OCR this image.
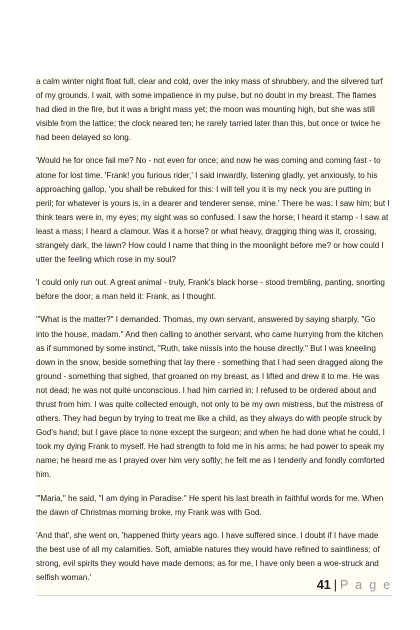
a calm winter night float full, clear and cold, over the inky mass of shrubbery, and the silvered turf of my grounds. I wait, with some impatience in my pulse, but no doubt in my breast. The flames had died in the fire, but it was a bright mass yet; the moon was mounting high, but she was still visible from the lattice; the clock neared ten; he rarely tarried later than this, but once or twice he had been delayed so long.

'Would he for once fail me? No - not even for once; and now he was coming and coming fast - to atone for lost time. 'Frank! you furious rider,' I said inwardly, listening gladly, yet anxiously, to his approaching gallop, 'you shall be rebuked for this: I will tell you it is my neck you are putting in peril; for whatever is yours is, in a dearer and tenderer sense, mine.' There he was: I saw him; but I think tears were in, my eyes; my sight was so confused. I saw the horse; I heard it stamp - I saw at least a mass; I heard a clamour. Was it a horse? or what heavy, dragging thing was it, crossing, strangely dark, the lawn? How could I name that thing in the moonlight before me? or how could I utter the feeling which rose in my soul?

'I could only run out. A great animal - truly, Frank's black horse - stood trembling, panting, snorting before the door; a man held it: Frank, as I thought.

'"What is the matter?" I demanded. Thomas, my own servant, answered by saying sharply, "Go into the house, madam." And then calling to another servant, who came hurrying from the kitchen as if summoned by some instinct, "Ruth, take missis into the house directly." But I was kneeling down in the snow, beside something that lay there - something that I had seen dragged along the ground - something that sighed, that groaned on my breast, as I lifted and drew it to me. He was not dead; he was not quite unconscious. I had him carried in; I refused to be ordered about and thrust from him. I was quite collected enough, not only to be my own mistress, but the mistress of others. They had begun by trying to treat me like a child, as they always do with people struck by God's hand; but I gave place to none except the surgeon; and when he had done what he could, I took my dying Frank to myself. He had strength to fold me in his arms; he had power to speak my name; he heard me as I prayed over him very softly; he felt me as I tenderly and fondly comforted him.

'"Maria," he said, "I am dying in Paradise." He spent his last breath in faithful words for me. When the dawn of Christmas morning broke, my Frank was with God.

'And that', she went on, 'happened thirty years ago. I have suffered since. I doubt if I have made the best use of all my calamities. Soft, amiable natures they would have refined to saintliness; of strong, evil spirits they would have made demons; as for me, I have only been a woe-struck and selfish woman.'

41 | P a g e
